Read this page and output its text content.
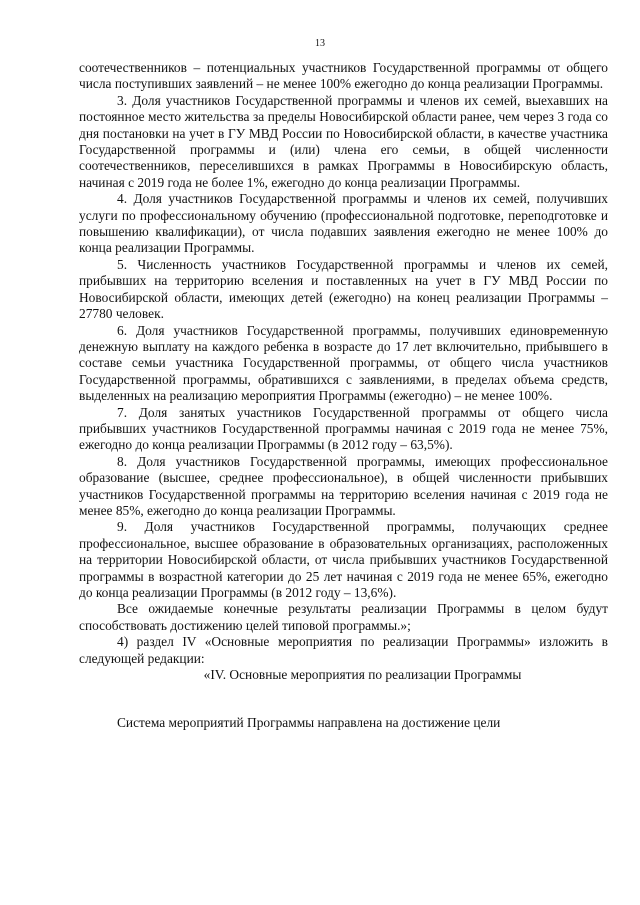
13

соотечественников – потенциальных участников Государственной программы от общего числа поступивших заявлений – не менее 100% ежегодно до конца реализации Программы.

3. Доля участников Государственной программы и членов их семей, выехавших на постоянное место жительства за пределы Новосибирской области ранее, чем через 3 года со дня постановки на учет в ГУ МВД России по Новосибирской области, в качестве участника Государственной программы и (или) члена его семьи, в общей численности соотечественников, переселившихся в рамках Программы в Новосибирскую область, начиная с 2019 года не более 1%, ежегодно до конца реализации Программы.

4. Доля участников Государственной программы и членов их семей, получивших услуги по профессиональному обучению (профессиональной подготовке, переподготовке и повышению квалификации), от числа подавших заявления ежегодно не менее 100% до конца реализации Программы.

5. Численность участников Государственной программы и членов их семей, прибывших на территорию вселения и поставленных на учет в ГУ МВД России по Новосибирской области, имеющих детей (ежегодно) на конец реализации Программы – 27780 человек.

6. Доля участников Государственной программы, получивших единовременную денежную выплату на каждого ребенка в возрасте до 17 лет включительно, прибывшего в составе семьи участника Государственной программы, от общего числа участников Государственной программы, обратившихся с заявлениями, в пределах объема средств, выделенных на реализацию мероприятия Программы (ежегодно) – не менее 100%.

7. Доля занятых участников Государственной программы от общего числа прибывших участников Государственной программы начиная с 2019 года не менее 75%, ежегодно до конца реализации Программы (в 2012 году – 63,5%).

8. Доля участников Государственной программы, имеющих профессиональное образование (высшее, среднее профессиональное), в общей численности прибывших участников Государственной программы на территорию вселения начиная с 2019 года не менее 85%, ежегодно до конца реализации Программы.

9. Доля участников Государственной программы, получающих среднее профессиональное, высшее образование в образовательных организациях, расположенных на территории Новосибирской области, от числа прибывших участников Государственной программы в возрастной категории до 25 лет начиная с 2019 года не менее 65%, ежегодно до конца реализации Программы (в 2012 году – 13,6%).

Все ожидаемые конечные результаты реализации Программы в целом будут способствовать достижению целей типовой программы.»;

4) раздел IV «Основные мероприятия по реализации Программы» изложить в следующей редакции:

«IV. Основные мероприятия по реализации Программы

Система мероприятий Программы направлена на достижение цели
